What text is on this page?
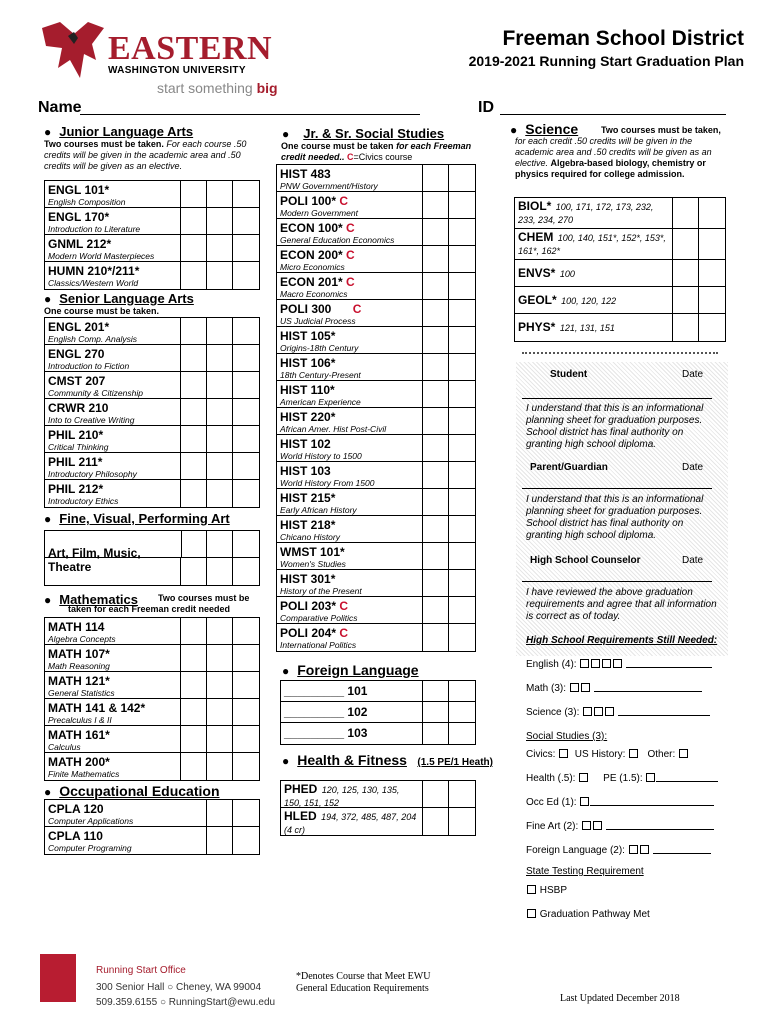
EASTERN
WASHINGTON UNIVERSITY
start something big
Freeman School District
2019-2021 Running Start Graduation Plan
Name	ID
● Junior Language Arts
Two courses must be taken. For each course .50 credits will be given in the academic area and .50 credits will be given as an elective.
ENGL 101*
English Composition
ENGL 170*
Introduction to Literature
GNML 212*
Modern World Masterpieces
HUMN 210*/211*
Classics/Western World
● Senior Language Arts
One course must be taken.
ENGL 201*
English Comp. Analysis
ENGL 270
Introduction to Fiction
CMST 207
Community & Citizenship
CRWR 210
Into to Creative Writing
PHIL 210*
Critical Thinking
PHIL 211*
Introductory Philosophy
PHIL 212*
Introductory Ethics
● Fine, Visual, Performing Art
Art, Film, Music, Theatre
● Mathematics	Two courses must be taken for each Freeman credit needed
MATH 114
Algebra Concepts
MATH 107*
Math Reasoning
MATH 121*
General Statistics
MATH 141 & 142*
Precalculus I & II
MATH 161*
Calculus
MATH 200*
Finite Mathematics
● Occupational Education
CPLA 120
Computer Applications
CPLA 110
Computer Programing
● Jr. & Sr. Social Studies
One course must be taken for each Freeman credit needed.. C=Civics course
HIST 483
PNW Government/History
POLI 100* C
Modern Government
ECON 100* C
General Education Economics
ECON 200* C
Micro Economics
ECON 201* C
Macro Economics
POLI 300 C
US Judicial Process
HIST 105*
Origins-18th Century
HIST 106*
18th Century-Present
HIST 110*
American Experience
HIST 220*
African Amer. Hist Post-Civil
HIST 102
World History to 1500
HIST 103
World History From 1500
HIST 215*
Early African History
HIST 218*
Chicano History
WMST 101*
Women's Studies
HIST 301*
History of the Present
POLI 203* C
Comparative Politics
POLI 204* C
International Politics
● Foreign Language
_________ 101
_________ 102
_________ 103
● Health & Fitness (1.5 PE/1 Heath)
PHED 120, 125, 130, 135, 150, 151, 152
HLED 194, 372, 485, 487, 204 (4 cr)
● Science	Two courses must be taken, for each credit .50 credits will be given in the academic area and .50 credits will be given as an elective. Algebra-based biology, chemistry or physics required for college admission.
BIOL* 100, 171, 172, 173, 232, 233, 234, 270
CHEM 100, 140, 151*, 152*, 153*, 161*, 162*
ENVS* 100
GEOL* 100, 120, 122
PHYS* 121, 131, 151
Student	Date
I understand that this is an informational planning sheet for graduation purposes. School district has final authority on granting high school diploma.
Parent/Guardian	Date
I understand that this is an informational planning sheet for graduation purposes. School district has final authority on granting high school diploma.
High School Counselor	Date
I have reviewed the above graduation requirements and agree that all information is correct as of today.
High School Requirements Still Needed:
English (4):
Math (3):
Science (3):
Social Studies (3):
Civics: US History: Other:
Health (.5):	PE (1.5):
Occ Ed (1):
Fine Art (2):
Foreign Language (2):
State Testing Requirement
HSBP
Graduation Pathway Met
Running Start Office
300 Senior Hall ○ Cheney, WA 99004
509.359.6155 ○ RunningStart@ewu.edu
*Denotes Course that Meet EWU
General Education Requirements
Last Updated December 2018
